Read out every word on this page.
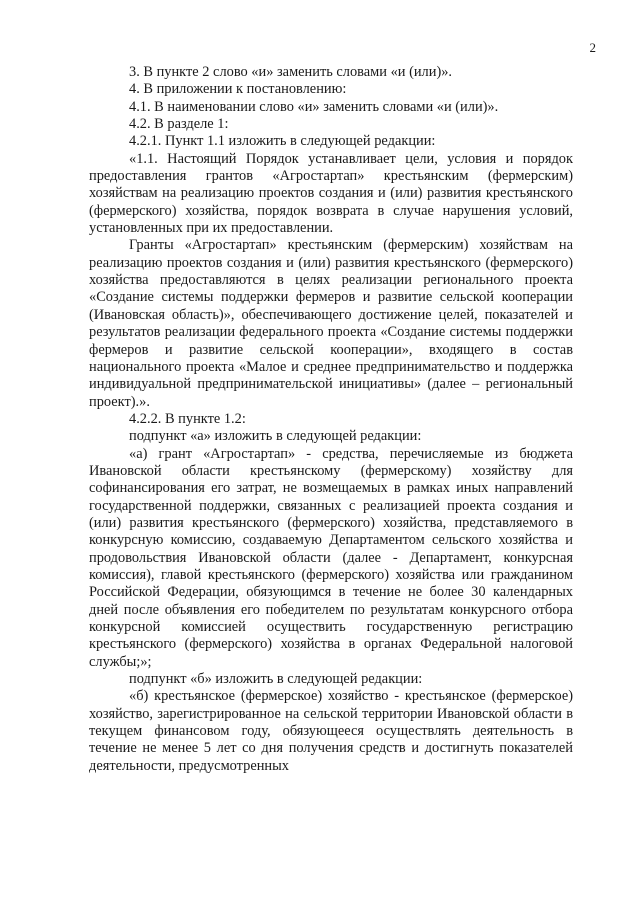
2

3. В пункте 2 слово «и» заменить словами «и (или)».

4. В приложении к постановлению:

4.1. В наименовании слово «и» заменить словами «и (или)».

4.2. В разделе 1:

4.2.1. Пункт 1.1 изложить в следующей редакции:

«1.1. Настоящий Порядок устанавливает цели, условия и порядок предоставления грантов «Агростартап» крестьянским (фермерским) хозяйствам на реализацию проектов создания и (или) развития крестьянского (фермерского) хозяйства, порядок возврата в случае нарушения условий, установленных при их предоставлении.

Гранты «Агростартап» крестьянским (фермерским) хозяйствам на реализацию проектов создания и (или) развития крестьянского (фермерского) хозяйства предоставляются в целях реализации регионального проекта «Создание системы поддержки фермеров и развитие сельской кооперации (Ивановская область)», обеспечивающего достижение целей, показателей и результатов реализации федерального проекта «Создание системы поддержки фермеров и развитие сельской кооперации», входящего в состав национального проекта «Малое и среднее предпринимательство и поддержка индивидуальной предпринимательской инициативы» (далее – региональный проект).».

4.2.2. В пункте 1.2:

подпункт «а» изложить в следующей редакции:

«а) грант «Агростартап» - средства, перечисляемые из бюджета Ивановской области крестьянскому (фермерскому) хозяйству для софинансирования его затрат, не возмещаемых в рамках иных направлений государственной поддержки, связанных с реализацией проекта создания и (или) развития крестьянского (фермерского) хозяйства, представляемого в конкурсную комиссию, создаваемую Департаментом сельского хозяйства и продовольствия Ивановской области (далее - Департамент, конкурсная комиссия), главой крестьянского (фермерского) хозяйства или гражданином Российской Федерации, обязующимся в течение не более 30 календарных дней после объявления его победителем по результатам конкурсного отбора конкурсной комиссией осуществить государственную регистрацию крестьянского (фермерского) хозяйства в органах Федеральной налоговой службы;»;

подпункт «б» изложить в следующей редакции:

«б) крестьянское (фермерское) хозяйство - крестьянское (фермерское) хозяйство, зарегистрированное на сельской территории Ивановской области в текущем финансовом году, обязующееся осуществлять деятельность в течение не менее 5 лет со дня получения средств и достигнуть показателей деятельности, предусмотренных
